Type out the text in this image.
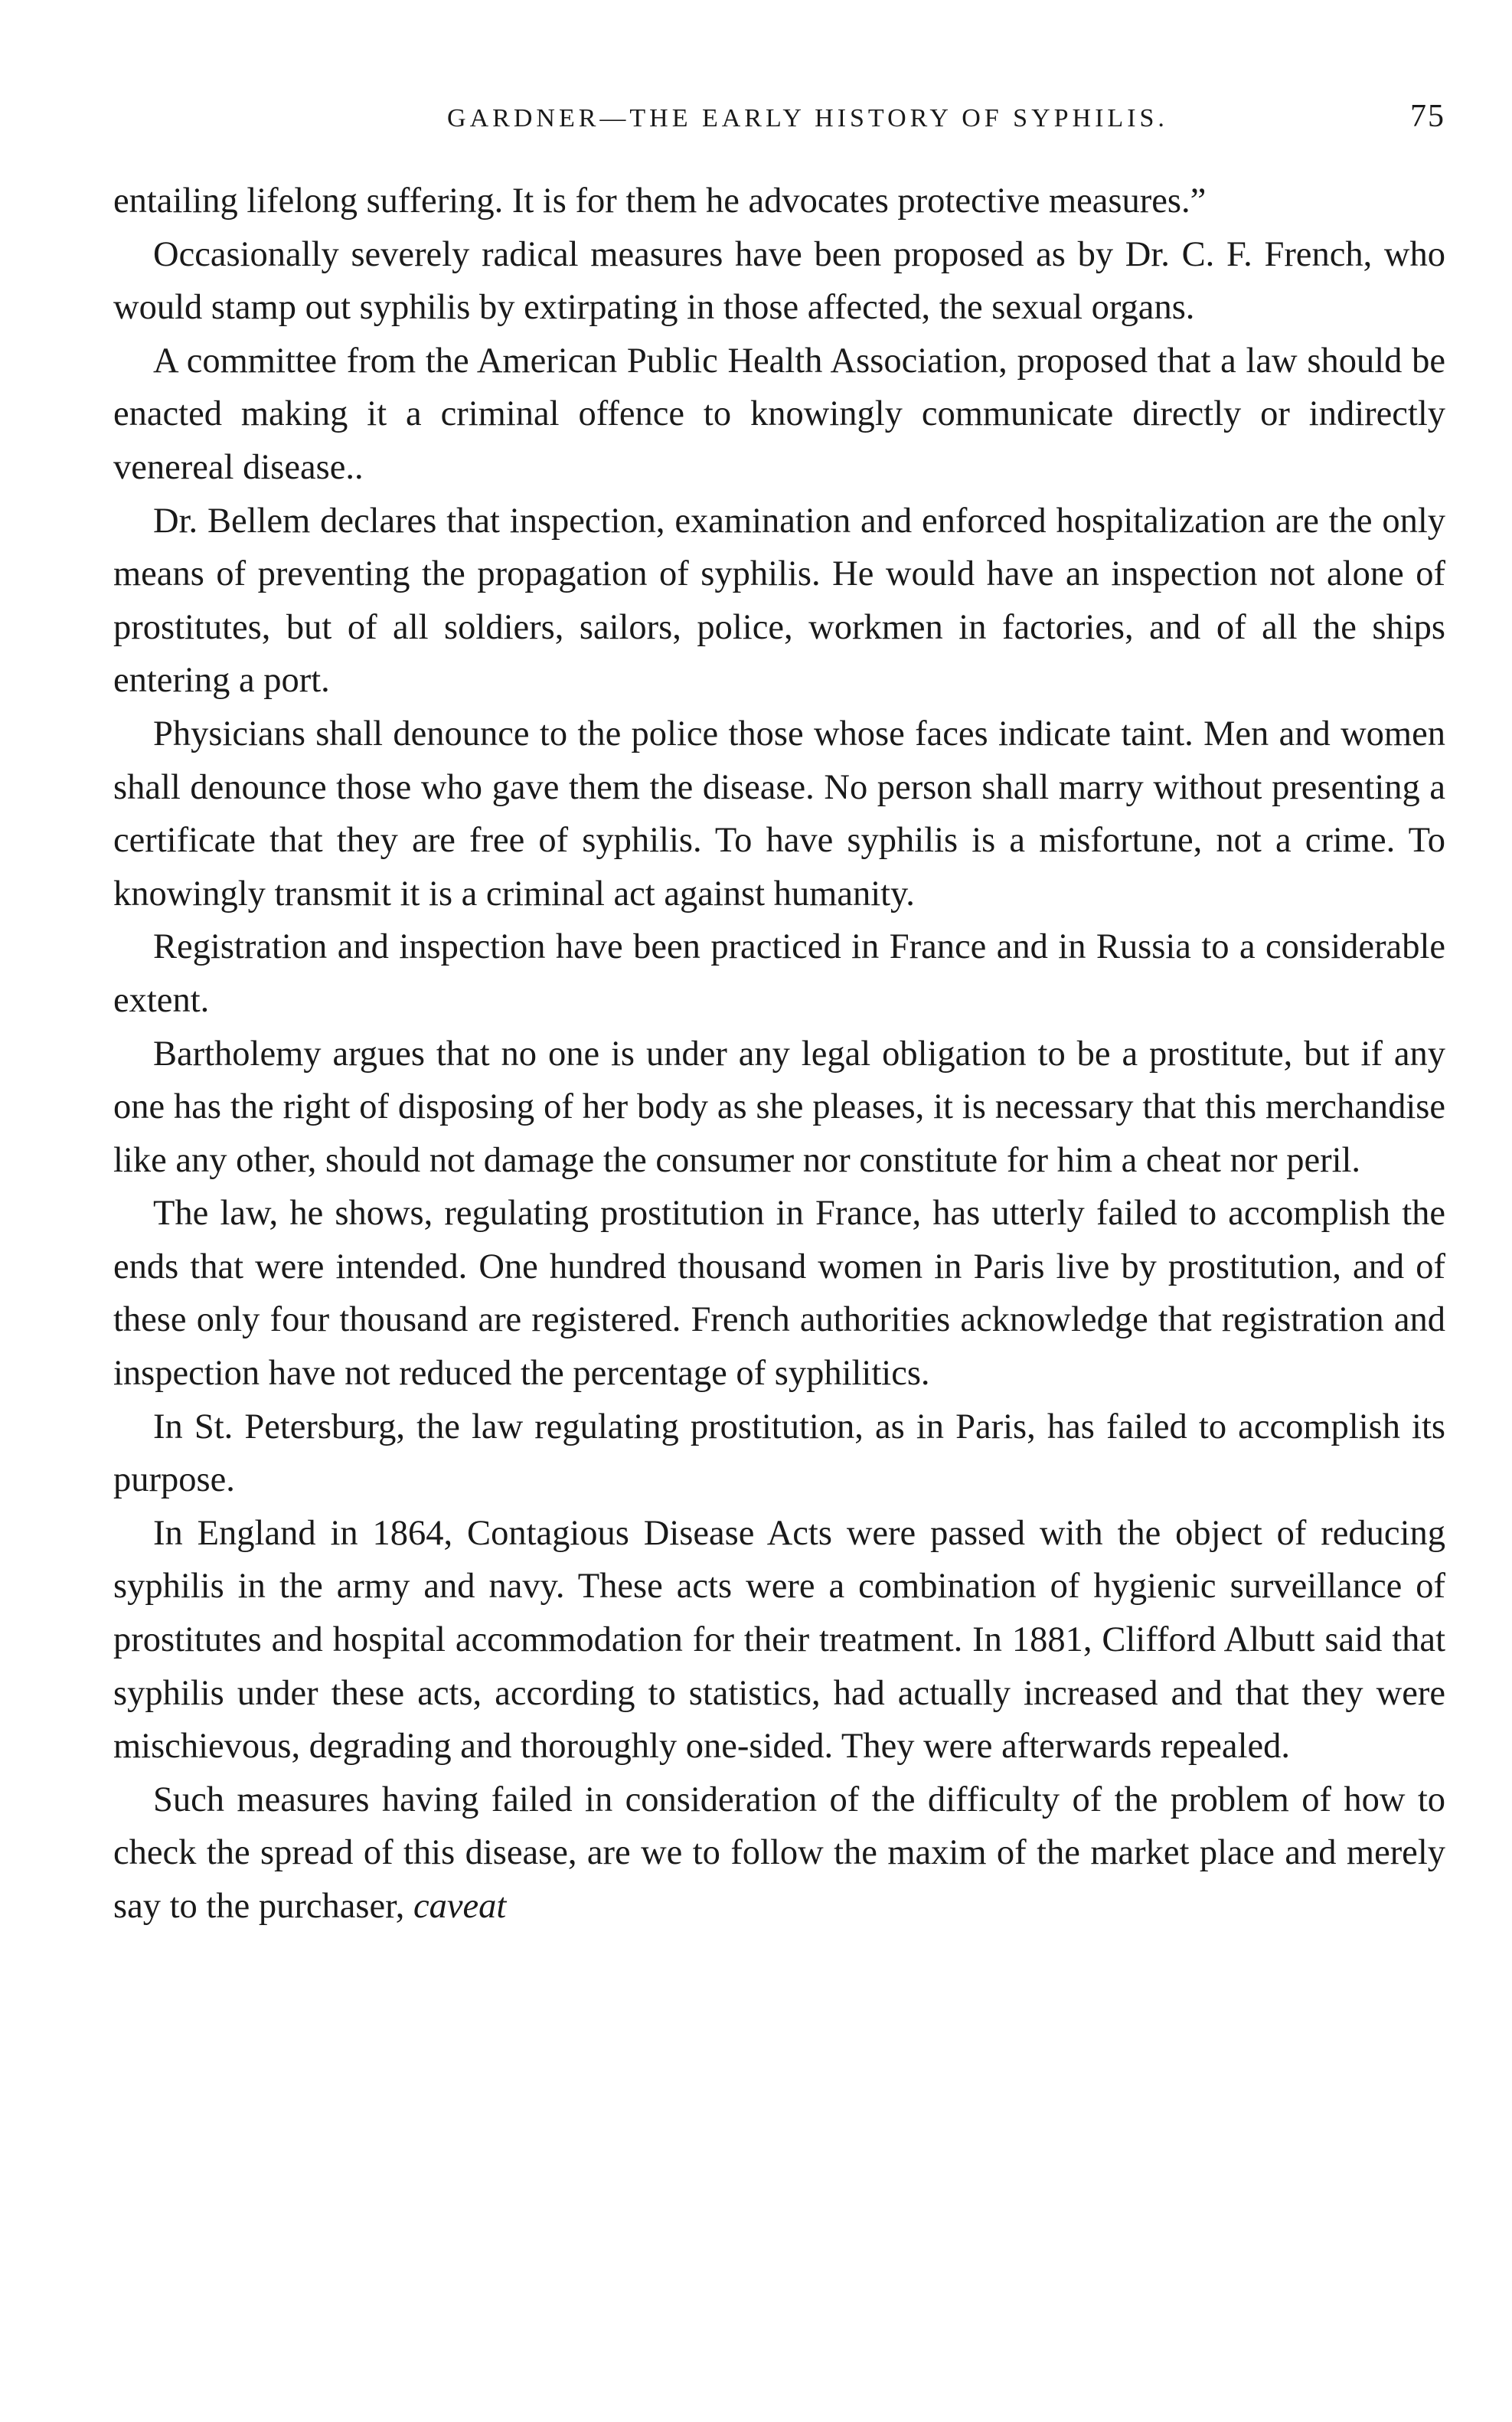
GARDNER—THE EARLY HISTORY OF SYPHILIS.	75

entailing lifelong suffering. It is for them he advocates protective measures.”

Occasionally severely radical measures have been proposed as by Dr. C. F. French, who would stamp out syphilis by extirpating in those affected, the sexual organs.

A committee from the American Public Health Association, proposed that a law should be enacted making it a criminal offence to knowingly communicate directly or indirectly venereal disease..

Dr. Bellem declares that inspection, examination and enforced hospitalization are the only means of preventing the propagation of syphilis. He would have an inspection not alone of prostitutes, but of all soldiers, sailors, police, workmen in factories, and of all the ships entering a port.

Physicians shall denounce to the police those whose faces indicate taint. Men and women shall denounce those who gave them the disease. No person shall marry without presenting a certificate that they are free of syphilis. To have syphilis is a misfortune, not a crime. To knowingly transmit it is a criminal act against humanity.

Registration and inspection have been practiced in France and in Russia to a considerable extent.

Bartholemy argues that no one is under any legal obligation to be a prostitute, but if any one has the right of disposing of her body as she pleases, it is necessary that this merchandise like any other, should not damage the consumer nor constitute for him a cheat nor peril.

The law, he shows, regulating prostitution in France, has utterly failed to accomplish the ends that were intended. One hundred thousand women in Paris live by prostitution, and of these only four thousand are registered. French authorities acknowledge that registration and inspection have not reduced the percentage of syphilitics.

In St. Petersburg, the law regulating prostitution, as in Paris, has failed to accomplish its purpose.

In England in 1864, Contagious Disease Acts were passed with the object of reducing syphilis in the army and navy. These acts were a combination of hygienic surveillance of prostitutes and hospital accommodation for their treatment. In 1881, Clifford Albutt said that syphilis under these acts, according to statistics, had actually increased and that they were mischievous, degrading and thoroughly one-sided. They were afterwards repealed.

Such measures having failed in consideration of the difficulty of the problem of how to check the spread of this disease, are we to follow the maxim of the market place and merely say to the purchaser, caveat
